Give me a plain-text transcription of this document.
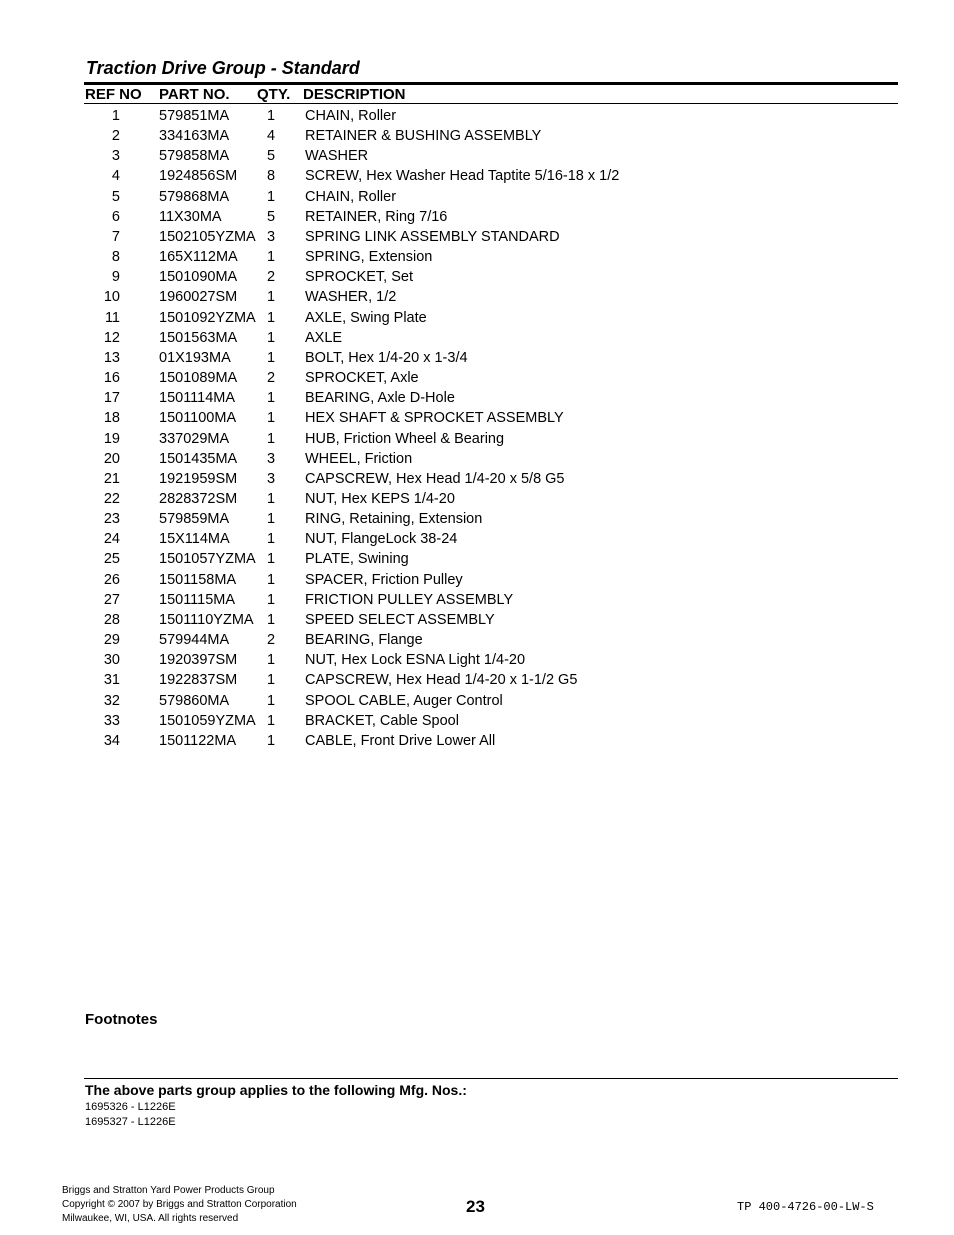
Traction Drive Group - Standard
REF NO PART NO. QTY. DESCRIPTION
1	579851MA	1 CHAIN, Roller
2	334163MA	4 RETAINER & BUSHING ASSEMBLY
3	579858MA	5 WASHER
4	1924856SM 8 SCREW, Hex Washer Head Taptite 5/16-18 x 1/2
5	579868MA	1 CHAIN, Roller
6	11X30MA	5 RETAINER, Ring 7/16
7	1502105YZMA 3 SPRING LINK ASSEMBLY STANDARD
8	165X112MA 1 SPRING, Extension
9	1501090MA 2 SPROCKET, Set
10	1960027SM 1 WASHER, 1/2
11	1501092YZMA 1 AXLE, Swing Plate
12	1501563MA 1 AXLE
13	01X193MA	1 BOLT, Hex 1/4-20 x 1-3/4
16	1501089MA 2 SPROCKET, Axle
17	1501114MA 1 BEARING, Axle D-Hole
18	1501100MA 1 HEX SHAFT & SPROCKET ASSEMBLY
19	337029MA	1 HUB, Friction Wheel & Bearing
20	1501435MA 3 WHEEL, Friction
21	1921959SM 3 CAPSCREW, Hex Head 1/4-20 x 5/8 G5
22	2828372SM 1 NUT, Hex KEPS 1/4-20
23	579859MA	1 RING, Retaining, Extension
24	15X114MA	1 NUT, FlangeLock 38-24
25	1501057YZMA 1 PLATE, Swining
26	1501158MA 1 SPACER, Friction Pulley
27	1501115MA 1 FRICTION PULLEY ASSEMBLY
28	1501110YZMA 1 SPEED SELECT ASSEMBLY
29	579944MA	2 BEARING, Flange
30	1920397SM 1 NUT, Hex Lock ESNA Light 1/4-20
31	1922837SM 1 CAPSCREW, Hex Head 1/4-20 x 1-1/2 G5
32	579860MA	1 SPOOL CABLE, Auger Control
33	1501059YZMA 1 BRACKET, Cable Spool
34	1501122MA 1 CABLE, Front Drive Lower All
Footnotes
The above parts group applies to the following Mfg. Nos.:
1695326 - L1226E
1695327 - L1226E
Briggs and Stratton Yard Power Products Group
Copyright © 2007 by Briggs and Stratton Corporation
Milwaukee, WI, USA. All rights reserved
23	TP 400-4726-00-LW-S
